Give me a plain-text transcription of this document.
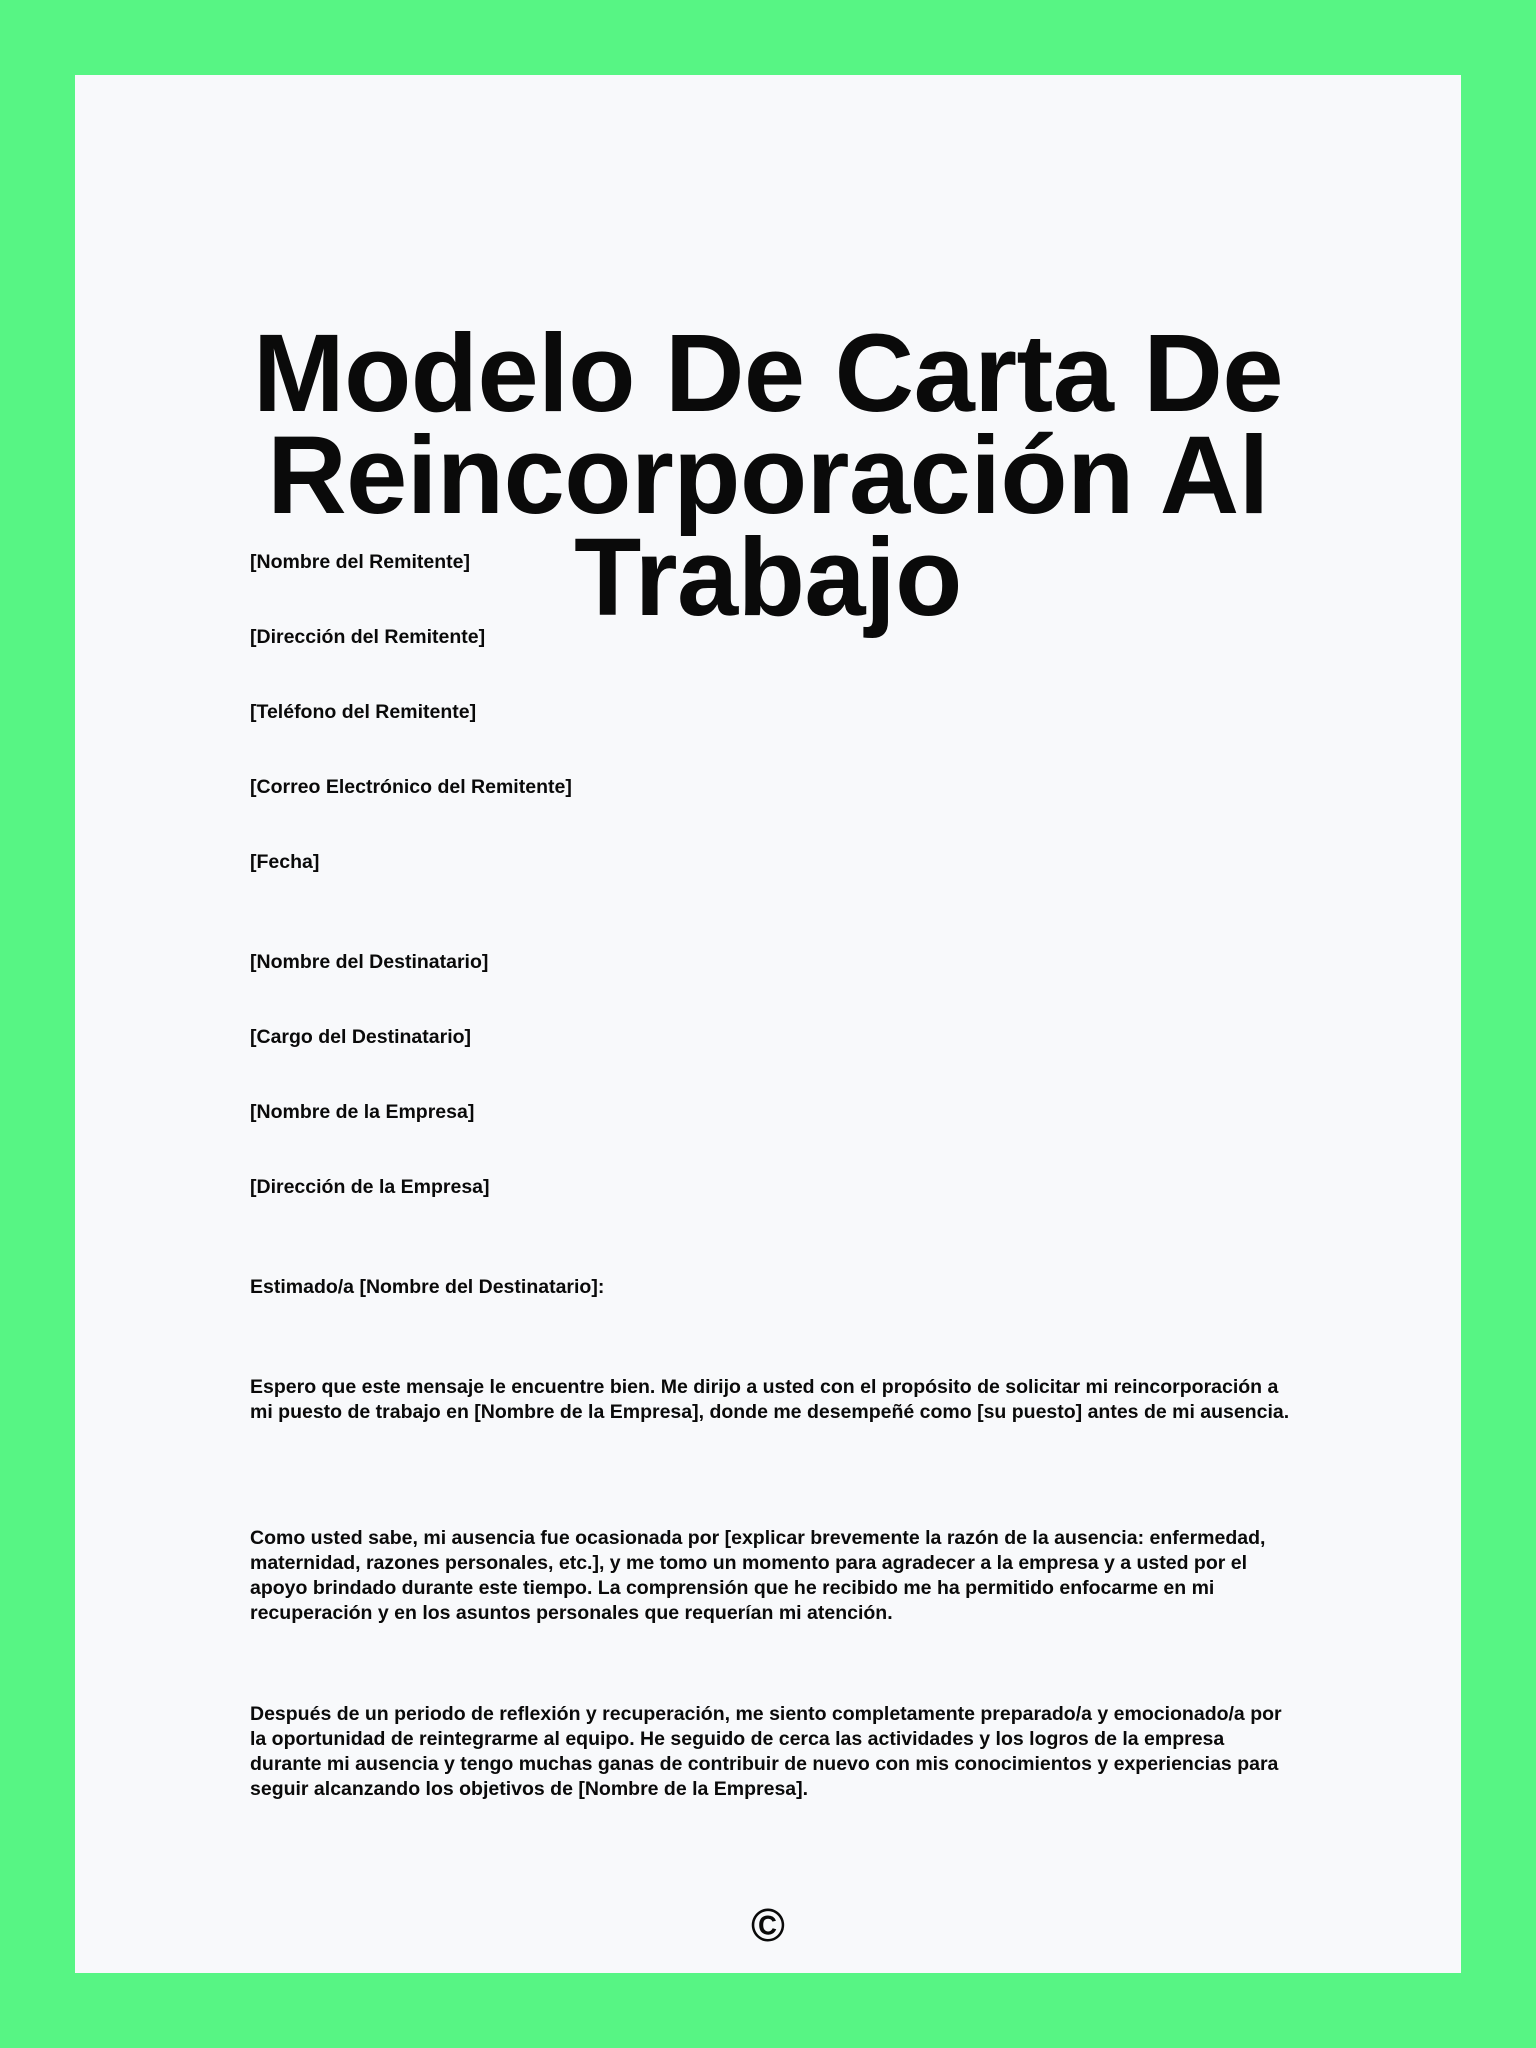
Modelo De Carta De
Reincorporación Al Trabajo

[Nombre del Remitente]

[Dirección del Remitente]

[Teléfono del Remitente]

[Correo Electrónico del Remitente]

[Fecha]

[Nombre del Destinatario]

[Cargo del Destinatario]

[Nombre de la Empresa]

[Dirección de la Empresa]

Estimado/a [Nombre del Destinatario]:

Espero que este mensaje le encuentre bien. Me dirijo a usted con el propósito de solicitar mi reincorporación a mi puesto de trabajo en [Nombre de la Empresa], donde me desempeñé como [su puesto] antes de mi ausencia.

Como usted sabe, mi ausencia fue ocasionada por [explicar brevemente la razón de la ausencia: enfermedad, maternidad, razones personales, etc.], y me tomo un momento para agradecer a la empresa y a usted por el apoyo brindado durante este tiempo. La comprensión que he recibido me ha permitido enfocarme en mi recuperación y en los asuntos personales que requerían mi atención.

Después de un periodo de reflexión y recuperación, me siento completamente preparado/a y emocionado/a por la oportunidad de reintegrarme al equipo. He seguido de cerca las actividades y los logros de la empresa durante mi ausencia y tengo muchas ganas de contribuir de nuevo con mis conocimientos y experiencias para seguir alcanzando los objetivos de [Nombre de la Empresa].

©
